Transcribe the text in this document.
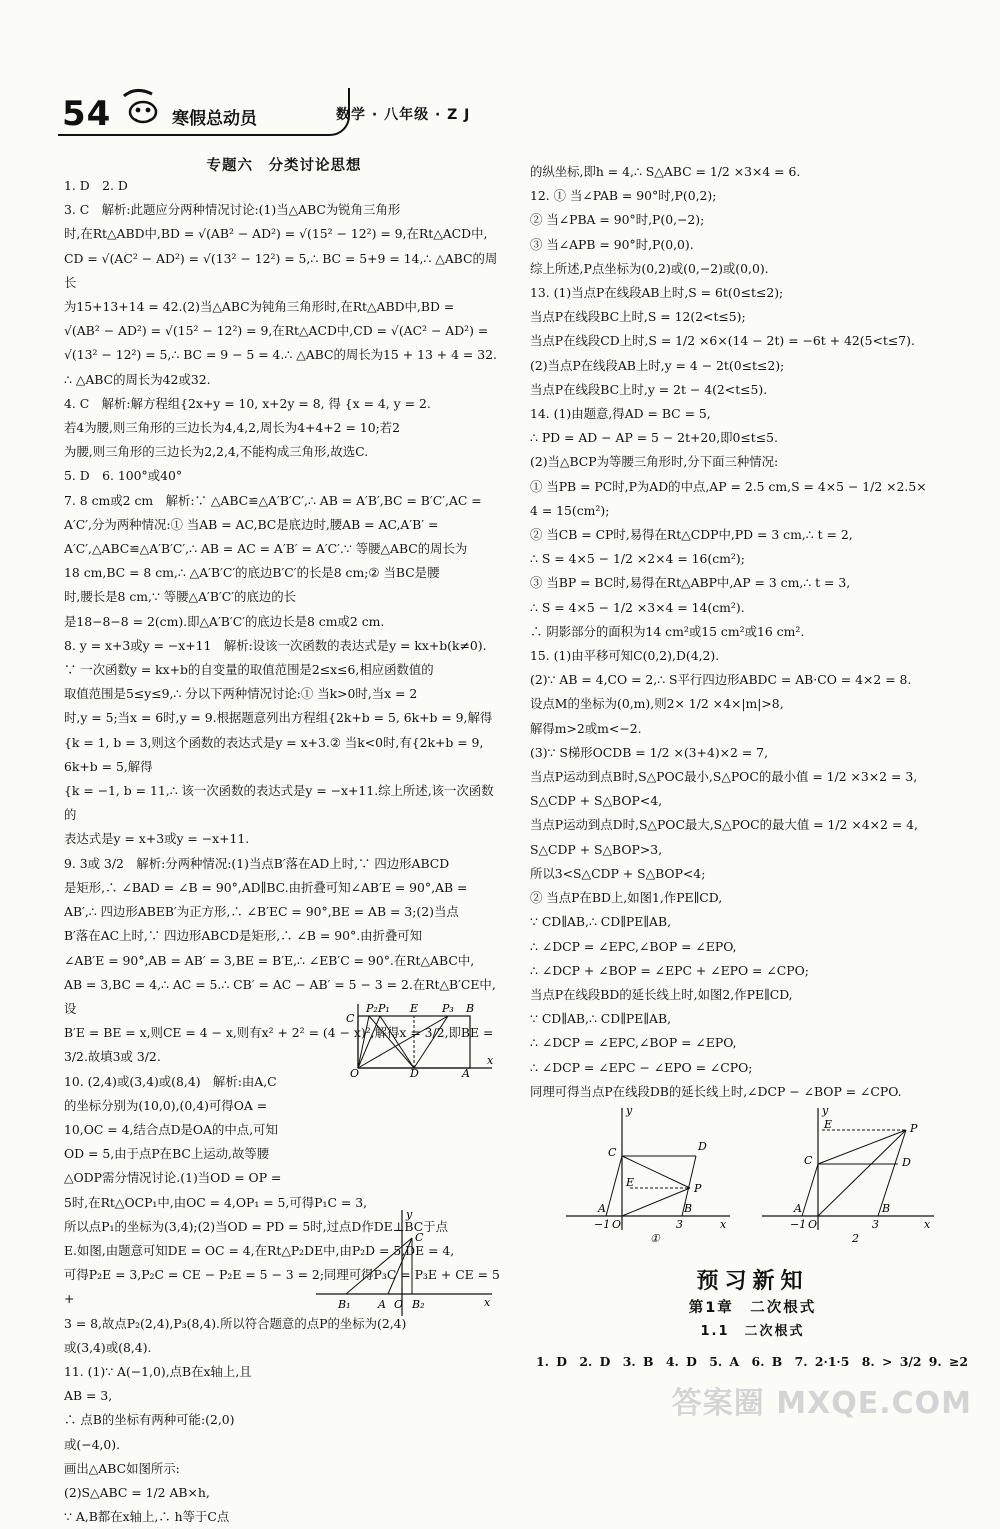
54	寒假总动员	数学 · 八年级 · Z J
专题六　分类讨论思想

1. D　2. D

3. C　解析:此题应分两种情况讨论:(1)当△ABC为锐角三角形

时,在Rt△ABD中,BD = √(AB² − AD²) = √(15² − 12²) = 9,在Rt△ACD中,

CD = √(AC² − AD²) = √(13² − 12²) = 5,∴ BC = 5+9 = 14,∴ △ABC的周长

为15+13+14 = 42.(2)当△ABC为钝角三角形时,在Rt△ABD中,BD =

√(AB² − AD²) = √(15² − 12²) = 9,在Rt△ACD中,CD = √(AC² − AD²) =

√(13² − 12²) = 5,∴ BC = 9 − 5 = 4.∴ △ABC的周长为15 + 13 + 4 = 32.

∴ △ABC的周长为42或32.

4. C　解析:解方程组{2x+y = 10, x+2y = 8, 得 {x = 4, y = 2.

若4为腰,则三角形的三边长为4,4,2,周长为4+4+2 = 10;若2

为腰,则三角形的三边长为2,2,4,不能构成三角形,故选C.

5. D　6. 100°或40°

7. 8 cm或2 cm　解析:∵ △ABC≌△A′B′C′,∴ AB = A′B′,BC = B′C′,AC =

A′C′,分为两种情况:① 当AB = AC,BC是底边时,腰AB = AC,A′B′ =

A′C′,△ABC≌△A′B′C′,∴ AB = AC = A′B′ = A′C′.∵ 等腰△ABC的周长为

18 cm,BC = 8 cm,∴ △A′B′C′的底边B′C′的长是8 cm;② 当BC是腰

时,腰长是8 cm,∵ 等腰△A′B′C′的底边的长

是18−8−8 = 2(cm).即△A′B′C′的底边长是8 cm或2 cm.

8. y = x+3或y = −x+11　解析:设该一次函数的表达式是y = kx+b(k≠0).

∵ 一次函数y = kx+b的自变量的取值范围是2≤x≤6,相应函数值的

取值范围是5≤y≤9,∴ 分以下两种情况讨论:① 当k>0时,当x = 2

时,y = 5;当x = 6时,y = 9.根据题意列出方程组{2k+b = 5, 6k+b = 9,解得

{k = 1, b = 3,则这个函数的表达式是y = x+3.② 当k<0时,有{2k+b = 9, 6k+b = 5,解得

{k = −1, b = 11,∴ 该一次函数的表达式是y = −x+11.综上所述,该一次函数的

表达式是y = x+3或y = −x+11.

9. 3或 3/2　解析:分两种情况:(1)当点B′落在AD上时,∵ 四边形ABCD

是矩形,∴ ∠BAD = ∠B = 90°,AD∥BC.由折叠可知∠AB′E = 90°,AB =

AB′,∴ 四边形ABEB′为正方形,∴ ∠B′EC = 90°,BE = AB = 3;(2)当点

B′落在AC上时,∵ 四边形ABCD是矩形,∴ ∠B = 90°.由折叠可知

∠AB′E = 90°,AB = AB′ = 3,BE = B′E,∴ ∠EB′C = 90°.在Rt△ABC中,

AB = 3,BC = 4,∴ AC = 5.∴ CB′ = AC − AB′ = 5 − 3 = 2.在Rt△B′CE中,设

B′E = BE = x,则CE = 4 − x,则有x² + 2² = (4 − x)²,解得x = 3/2,即BE =

3/2.故填3或 3/2.

10. (2,4)或(3,4)或(8,4)　解析:由A,C

的坐标分别为(10,0),(0,4)可得OA =

10,OC = 4,结合点D是OA的中点,可知

OD = 5,由于点P在BC上运动,故等腰

△ODP需分情况讨论.(1)当OD = OP =

5时,在Rt△OCP₁中,由OC = 4,OP₁ = 5,可得P₁C = 3,

所以点P₁的坐标为(3,4);(2)当OD = PD = 5时,过点D作DE⊥BC于点

E.如图,由题意可知DE = OC = 4,在Rt△P₂DE中,由P₂D = 5,DE = 4,

可得P₂E = 3,P₂C = CE − P₂E = 5 − 3 = 2;同理可得P₃C = P₃E + CE = 5 +

3 = 8,故点P₂(2,4),P₃(8,4).所以符合题意的点P的坐标为(2,4)

或(3,4)或(8,4).

11. (1)∵ A(−1,0),点B在x轴上,且

AB = 3,

∴ 点B的坐标有两种可能:(2,0)

或(−4,0).

画出△ABC如图所示:

(2)S△ABC = 1/2 AB×h,

∵ A,B都在x轴上,∴ h等于C点

的纵坐标,即h = 4,∴ S△ABC = 1/2 ×3×4 = 6.

12. ① 当∠PAB = 90°时,P(0,2);

② 当∠PBA = 90°时,P(0,−2);

③ 当∠APB = 90°时,P(0,0).

综上所述,P点坐标为(0,2)或(0,−2)或(0,0).

13. (1)当点P在线段AB上时,S = 6t(0≤t≤2);

当点P在线段BC上时,S = 12(2<t≤5);

当点P在线段CD上时,S = 1/2 ×6×(14 − 2t) = −6t + 42(5<t≤7).

(2)当点P在线段AB上时,y = 4 − 2t(0≤t≤2);

当点P在线段BC上时,y = 2t − 4(2<t≤5).

14. (1)由题意,得AD = BC = 5,

∴ PD = AD − AP = 5 − 2t+20,即0≤t≤5.

(2)当△BCP为等腰三角形时,分下面三种情况:

① 当PB = PC时,P为AD的中点,AP = 2.5 cm,S = 4×5 − 1/2 ×2.5×

4 = 15(cm²);

② 当CB = CP时,易得在Rt△CDP中,PD = 3 cm,∴ t = 2,

∴ S = 4×5 − 1/2 ×2×4 = 16(cm²);

③ 当BP = BC时,易得在Rt△ABP中,AP = 3 cm,∴ t = 3,

∴ S = 4×5 − 1/2 ×3×4 = 14(cm²).

∴ 阴影部分的面积为14 cm²或15 cm²或16 cm².

15. (1)由平移可知C(0,2),D(4,2).

(2)∵ AB = 4,CO = 2,∴ S平行四边形ABDC = AB·CO = 4×2 = 8.

设点M的坐标为(0,m),则2× 1/2 ×4×|m|>8,

解得m>2或m<−2.

(3)∵ S梯形OCDB = 1/2 ×(3+4)×2 = 7,

当点P运动到点B时,S△POC最小,S△POC的最小值 = 1/2 ×3×2 = 3,

S△CDP + S△BOP<4,

当点P运动到点D时,S△POC最大,S△POC的最大值 = 1/2 ×4×2 = 4,

S△CDP + S△BOP>3,

所以3<S△CDP + S△BOP<4;

② 当点P在BD上,如图1,作PE∥CD,

∵ CD∥AB,∴ CD∥PE∥AB,

∴ ∠DCP = ∠EPC,∠BOP = ∠EPO,

∴ ∠DCP + ∠BOP = ∠EPC + ∠EPO = ∠CPO;

当点P在线段BD的延长线上时,如图2,作PE∥CD,

∵ CD∥AB,∴ CD∥PE∥AB,

∴ ∠DCP = ∠EPC,∠BOP = ∠EPO,

∴ ∠DCP = ∠EPC − ∠EPO = ∠CPO;

同理可得当点P在线段DB的延长线上时,∠DCP − ∠BOP = ∠CPO.

P₂ P₁ E P₃ B
C
O	D	A
x
y
C
B₁	A O B₂	x
y
C	D
E	P
A
−1 O	3
B
x
①
y
E	P
C	D
A
−1 O	3
B
x
2
预习新知
第1章　二次根式
1.1　二次根式
1. D　2. D　3. B　4. D　5. A　6. B　7. 2·1·5　8. > 3/2 9. ≥2
答案圈 MXQE.COM
